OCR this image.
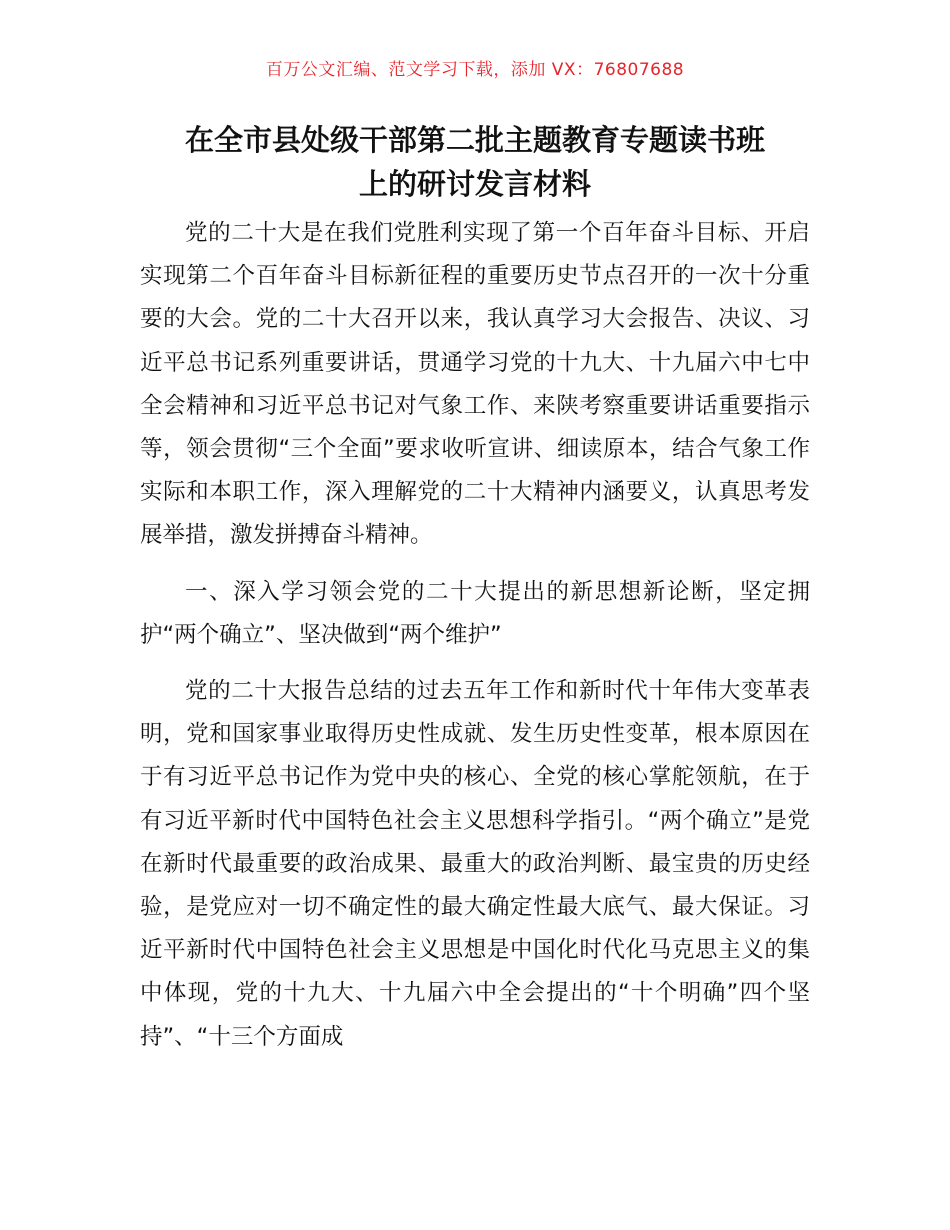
百万公文汇编、范文学习下载，添加 VX：76807688
在全市县处级干部第二批主题教育专题读书班
上的研讨发言材料

党的二十大是在我们党胜利实现了第一个百年奋斗目标、开启实现第二个百年奋斗目标新征程的重要历史节点召开的一次十分重要的大会。党的二十大召开以来，我认真学习大会报告、决议、习近平总书记系列重要讲话，贯通学习党的十九大、十九届六中七中全会精神和习近平总书记对气象工作、来陕考察重要讲话重要指示等，领会贯彻“三个全面”要求收听宣讲、细读原本，结合气象工作实际和本职工作，深入理解党的二十大精神内涵要义，认真思考发展举措，激发拼搏奋斗精神。

一、深入学习领会党的二十大提出的新思想新论断，坚定拥护“两个确立”、坚决做到“两个维护”

党的二十大报告总结的过去五年工作和新时代十年伟大变革表明，党和国家事业取得历史性成就、发生历史性变革，根本原因在于有习近平总书记作为党中央的核心、全党的核心掌舵领航，在于有习近平新时代中国特色社会主义思想科学指引。“两个确立”是党在新时代最重要的政治成果、最重大的政治判断、最宝贵的历史经验，是党应对一切不确定性的最大确定性最大底气、最大保证。习近平新时代中国特色社会主义思想是中国化时代化马克思主义的集中体现，党的十九大、十九届六中全会提出的“十个明确”四个坚持”、“十三个方面成
